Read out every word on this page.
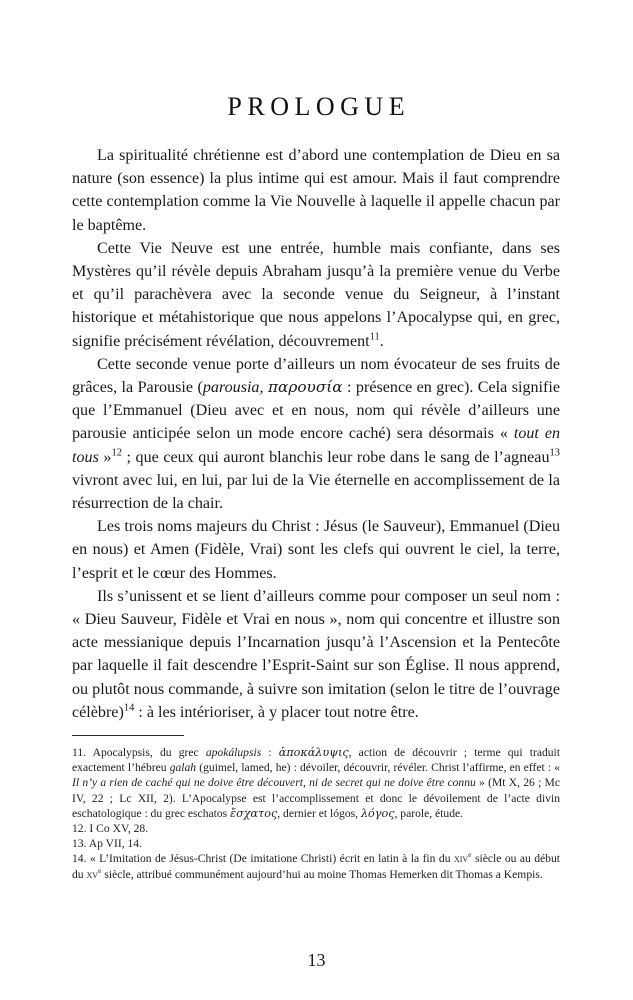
PROLOGUE

La spiritualité chrétienne est d’abord une contemplation de Dieu en sa nature (son essence) la plus intime qui est amour. Mais il faut comprendre cette contemplation comme la Vie Nouvelle à laquelle il appelle chacun par le baptême.

Cette Vie Neuve est une entrée, humble mais confiante, dans ses Mystères qu’il révèle depuis Abraham jusqu’à la première venue du Verbe et qu’il parachèvera avec la seconde venue du Seigneur, à l’instant historique et métahistorique que nous appelons l’Apocalypse qui, en grec, signifie précisément révélation, découvrement$^{11}$.

Cette seconde venue porte d’ailleurs un nom évocateur de ses fruits de grâces, la Parousie (parousia, παρουσία : présence en grec). Cela signifie que l’Emmanuel (Dieu avec et en nous, nom qui révèle d’ailleurs une parousie anticipée selon un mode encore caché) sera désormais « tout en tous »$^{12}$ ; que ceux qui auront blanchis leur robe dans le sang de l’agneau$^{13}$ vivront avec lui, en lui, par lui de la Vie éternelle en accomplissement de la résurrection de la chair.

Les trois noms majeurs du Christ : Jésus (le Sauveur), Emmanuel (Dieu en nous) et Amen (Fidèle, Vrai) sont les clefs qui ouvrent le ciel, la terre, l’esprit et le cœur des Hommes.

Ils s’unissent et se lient d’ailleurs comme pour composer un seul nom : « Dieu Sauveur, Fidèle et Vrai en nous », nom qui concentre et illustre son acte messianique depuis l’Incarnation jusqu’à l’Ascension et la Pentecôte par laquelle il fait descendre l’Esprit-Saint sur son Église. Il nous apprend, ou plutôt nous commande, à suivre son imitation (selon le titre de l’ouvrage célèbre)$^{14}$ : à les intérioriser, à y placer tout notre être.

11. Apocalypsis, du grec apokálupsis : ἀποκάλυψις, action de découvrir ; terme qui traduit exactement l’hébreu galah (guimel, lamed, he) : dévoiler, découvrir, révéler. Christ l’affirme, en effet : « Il n’y a rien de caché qui ne doive être découvert, ni de secret qui ne doive être connu » (Mt X, 26 ; Mc IV, 22 ; Lc XII, 2). L’Apocalypse est l’accomplissement et donc le dévoilement de l’acte divin eschatologique : du grec eschatos ἔσχατος, dernier et lógos, λόγος, parole, étude.

12. I Co XV, 28.

13. Ap VII, 14.

14. « L’Imitation de Jésus-Christ (De imitatione Christi) écrit en latin à la fin du xiv$^e$ siècle ou au début du $xv^e$ siècle, attribué communément aujourd’hui au moine Thomas Hemerken dit Thomas a Kempis.

13
